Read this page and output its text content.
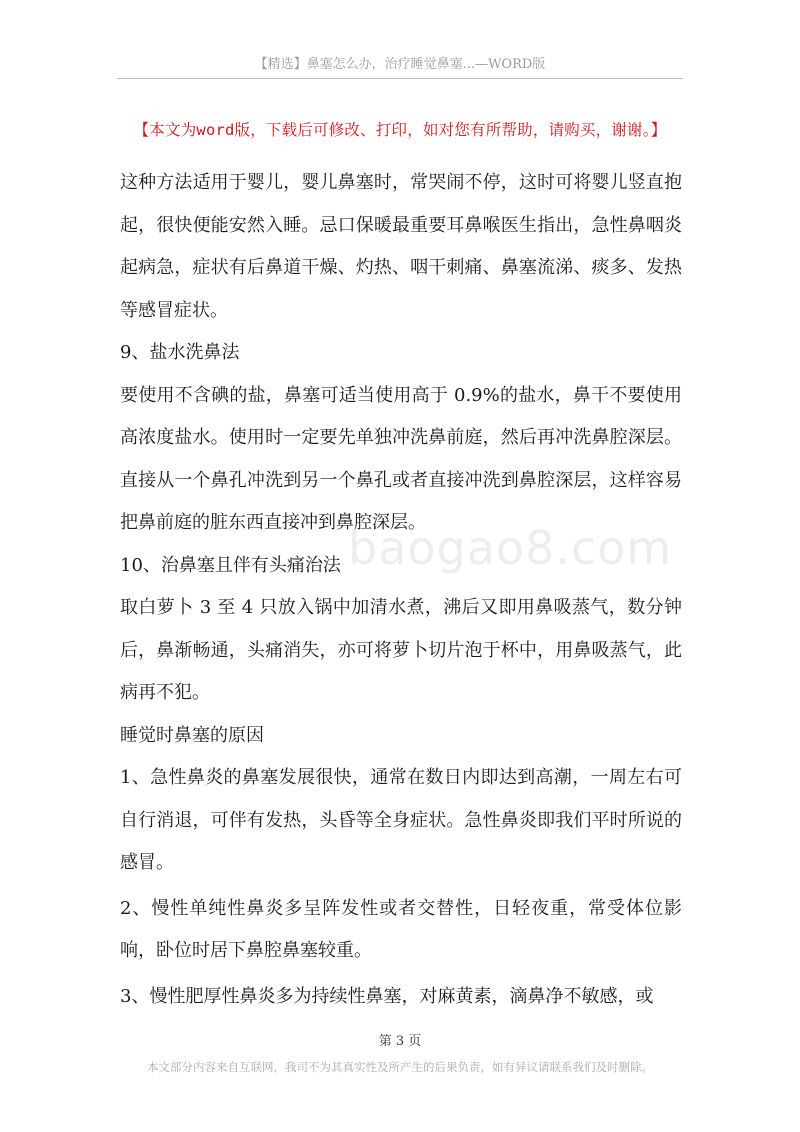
【精选】鼻塞怎么办，治疗睡觉鼻塞...—WORD版
【本文为word版，下载后可修改、打印，如对您有所帮助，请购买，谢谢。】
baogao8.com

这种方法适用于婴儿，婴儿鼻塞时，常哭闹不停，这时可将婴儿竖直抱起，很快便能安然入睡。忌口保暖最重要耳鼻喉医生指出，急性鼻咽炎起病急，症状有后鼻道干燥、灼热、咽干刺痛、鼻塞流涕、痰多、发热等感冒症状。

9、盐水洗鼻法

要使用不含碘的盐，鼻塞可适当使用高于 0.9%的盐水，鼻干不要使用高浓度盐水。使用时一定要先单独冲洗鼻前庭，然后再冲洗鼻腔深层。直接从一个鼻孔冲洗到另一个鼻孔或者直接冲洗到鼻腔深层，这样容易把鼻前庭的脏东西直接冲到鼻腔深层。

10、治鼻塞且伴有头痛治法

取白萝卜 3 至 4 只放入锅中加清水煮，沸后又即用鼻吸蒸气，数分钟后，鼻渐畅通，头痛消失，亦可将萝卜切片泡于杯中，用鼻吸蒸气，此病再不犯。

睡觉时鼻塞的原因

1、急性鼻炎的鼻塞发展很快，通常在数日内即达到高潮，一周左右可自行消退，可伴有发热，头昏等全身症状。急性鼻炎即我们平时所说的感冒。

2、慢性单纯性鼻炎多呈阵发性或者交替性，日轻夜重，常受体位影响，卧位时居下鼻腔鼻塞较重。

3、慢性肥厚性鼻炎多为持续性鼻塞，对麻黄素，滴鼻净不敏感，或

第 3 页
本文部分内容来自互联网，我司不为其真实性及所产生的后果负责，如有异议请联系我们及时删除。
